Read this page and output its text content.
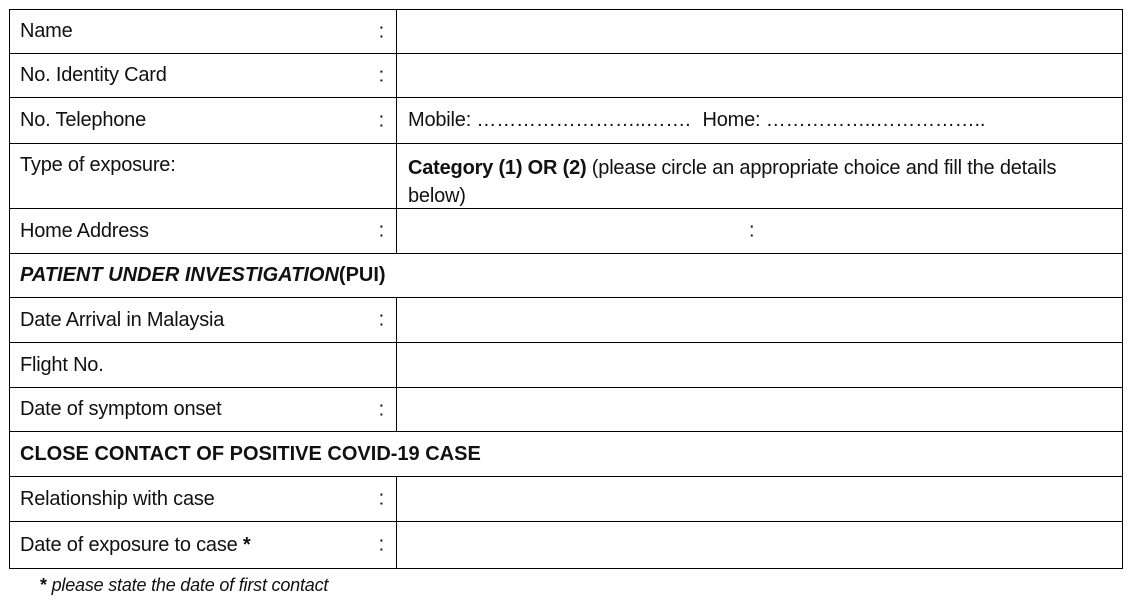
Name	:
No. Identity Card	:
No. Telephone	: Mobile: ……………………..……. Home: ……………..……………..
Type of exposure:	Category (1) OR (2) (please circle an appropriate choice and fill the details below)
Home Address	:	:
PATIENT UNDER INVESTIGATION (PUI)
Date Arrival in Malaysia	:
Flight No.
Date of symptom onset	:
CLOSE CONTACT OF POSITIVE COVID-19 CASE
Relationship with case	:
Date of exposure to case *	:
* please state the date of first contact
